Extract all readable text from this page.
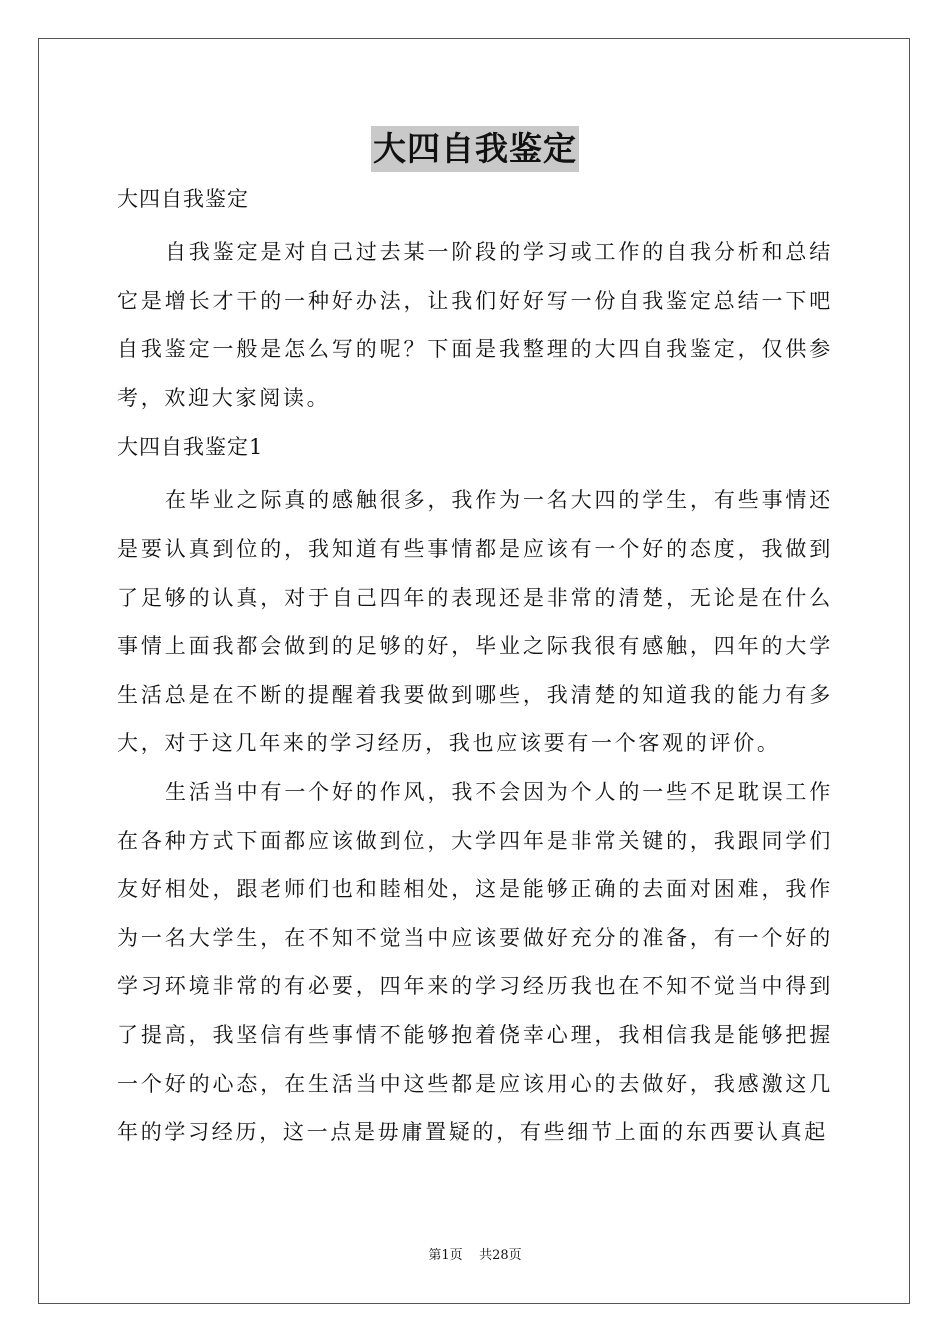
大四自我鉴定
大四自我鉴定

自我鉴定是对自己过去某一阶段的学习或工作的自我分析和总结它是增长才干的一种好办法，让我们好好写一份自我鉴定总结一下吧自我鉴定一般是怎么写的呢？下面是我整理的大四自我鉴定，仅供参考，欢迎大家阅读。

大四自我鉴定1

在毕业之际真的感触很多，我作为一名大四的学生，有些事情还是要认真到位的，我知道有些事情都是应该有一个好的态度，我做到了足够的认真，对于自己四年的表现还是非常的清楚，无论是在什么事情上面我都会做到的足够的好，毕业之际我很有感触，四年的大学生活总是在不断的提醒着我要做到哪些，我清楚的知道我的能力有多大，对于这几年来的学习经历，我也应该要有一个客观的评价。

生活当中有一个好的作风，我不会因为个人的一些不足耽误工作在各种方式下面都应该做到位，大学四年是非常关键的，我跟同学们友好相处，跟老师们也和睦相处，这是能够正确的去面对困难，我作为一名大学生，在不知不觉当中应该要做好充分的准备，有一个好的学习环境非常的有必要，四年来的学习经历我也在不知不觉当中得到了提高，我坚信有些事情不能够抱着侥幸心理，我相信我是能够把握一个好的心态，在生活当中这些都是应该用心的去做好，我感激这几年的学习经历，这一点是毋庸置疑的，有些细节上面的东西要认真起

第1页    共28页
